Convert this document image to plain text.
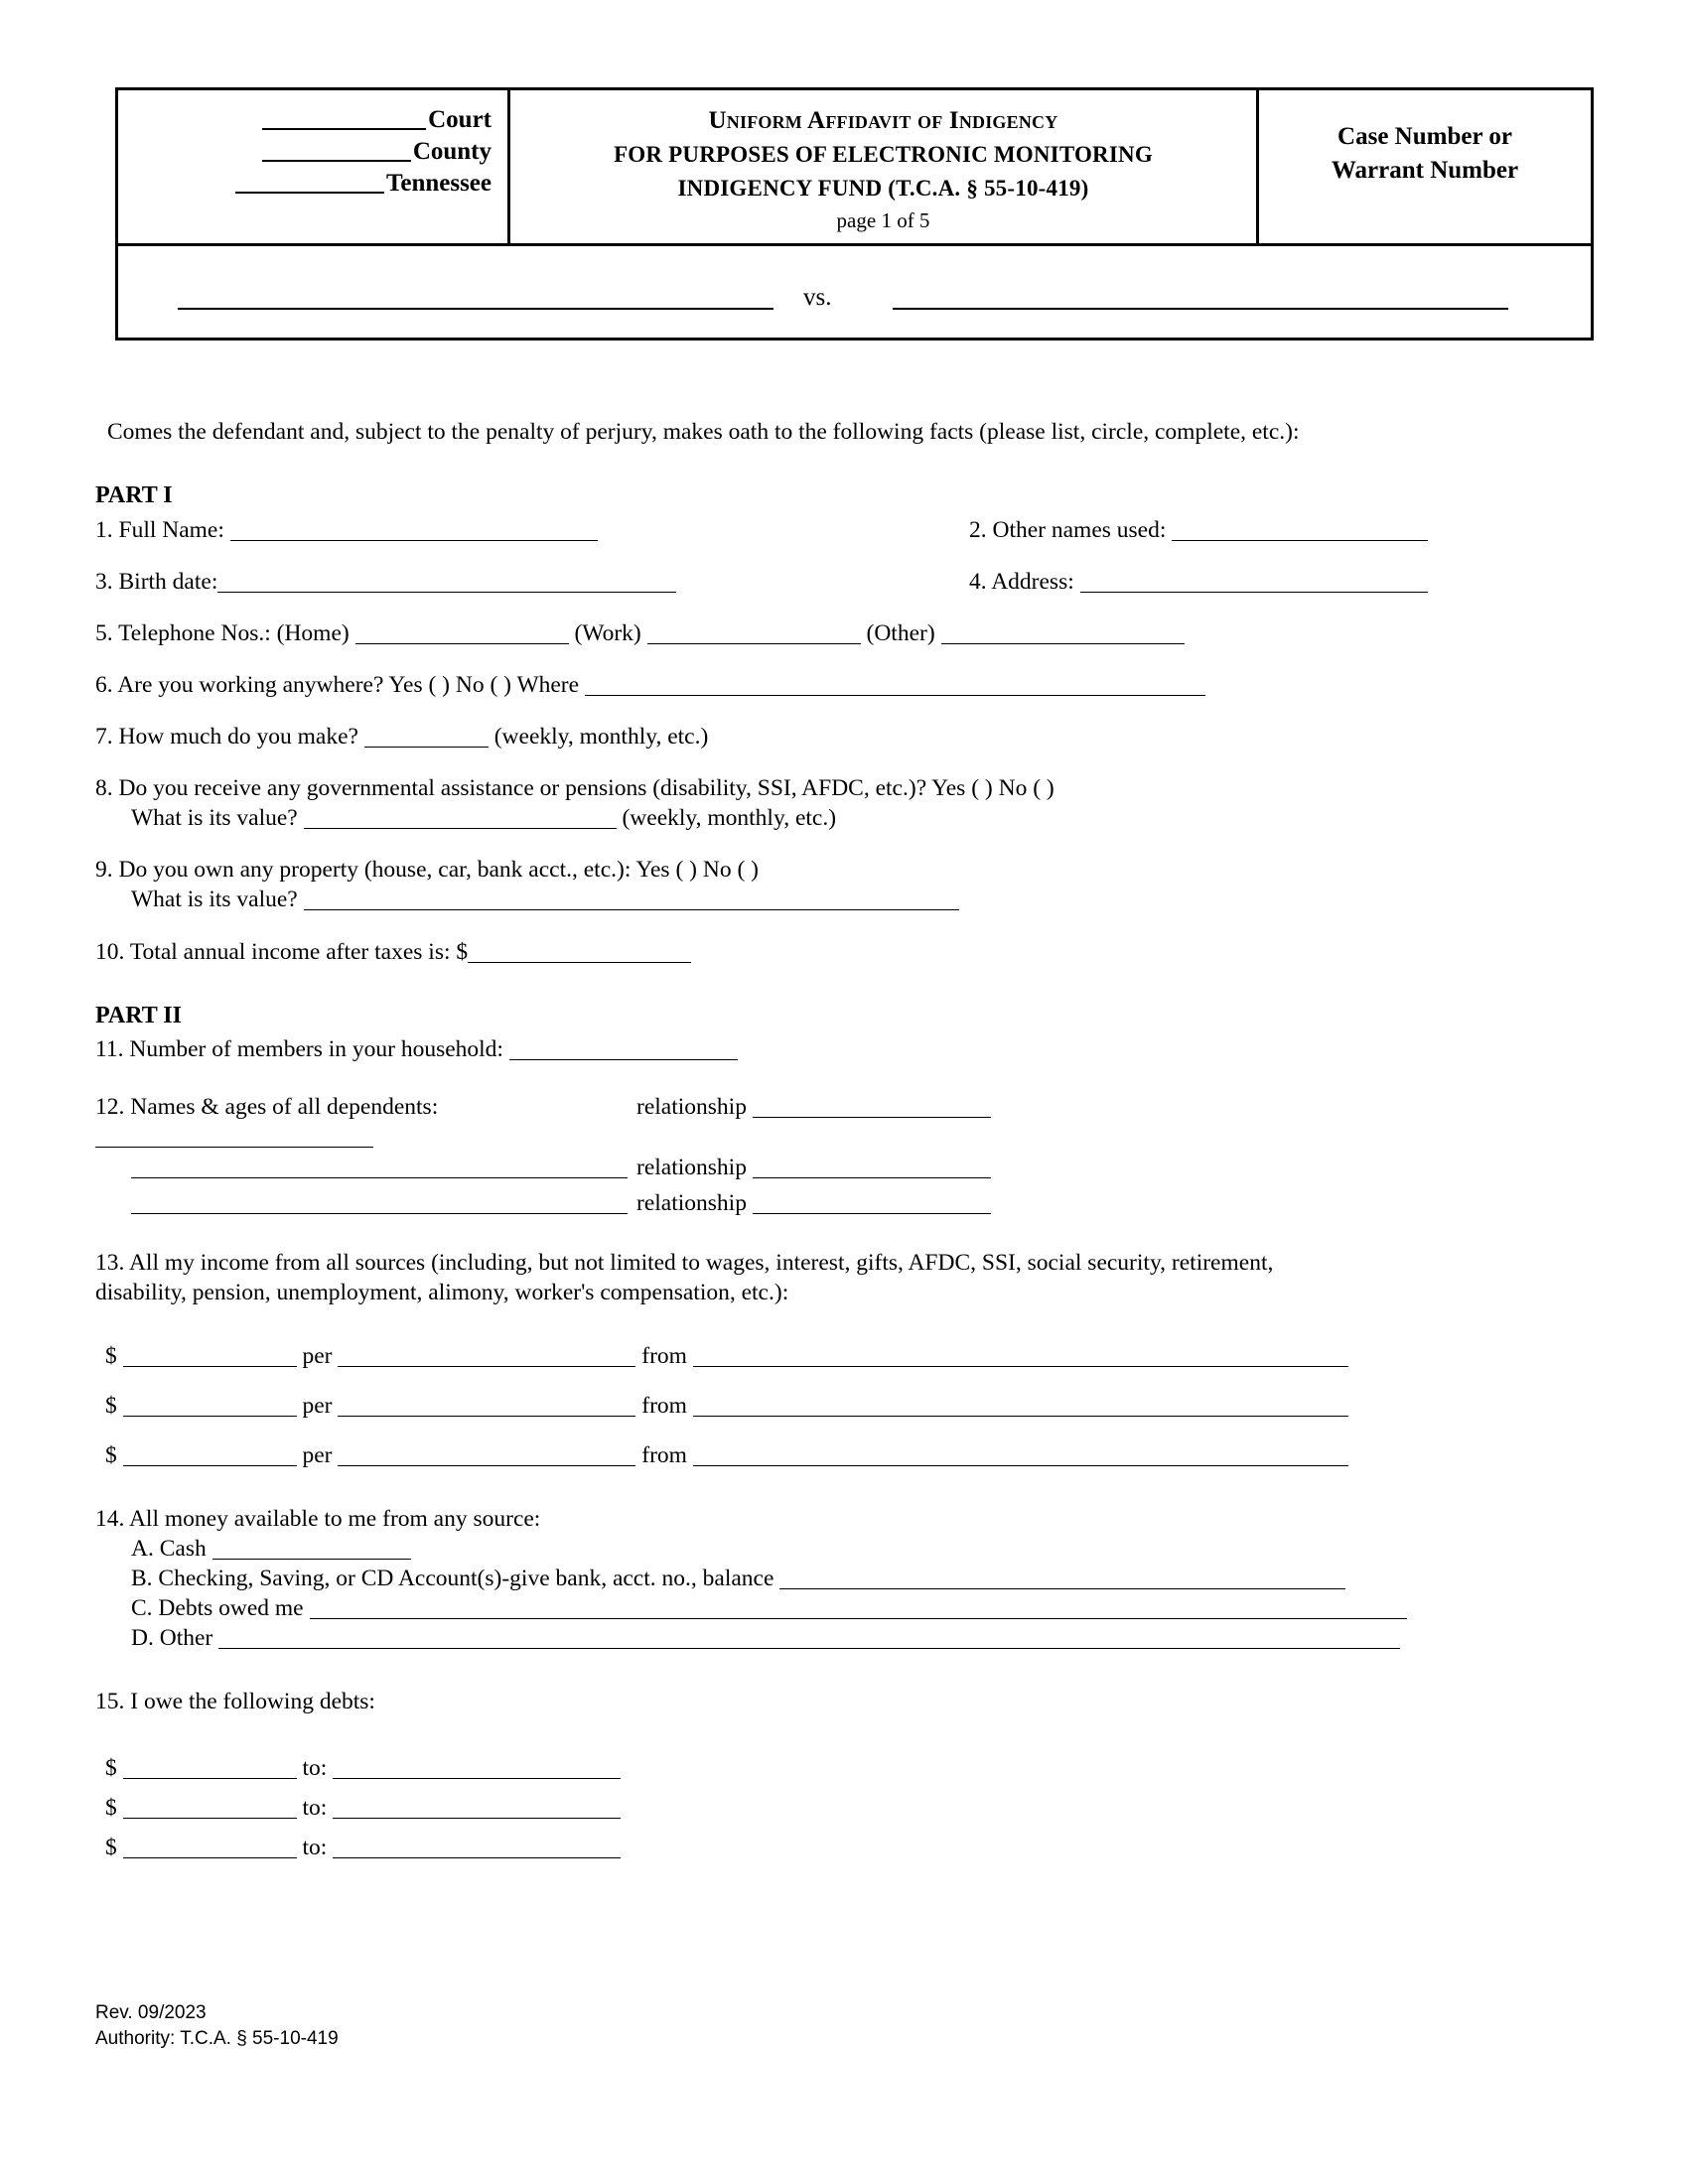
Court
County
Tennessee
Uniform Affidavit of Indigency
FOR PURPOSES OF ELECTRONIC MONITORING
INDIGENCY FUND (T.C.A. § 55-10-419)
page 1 of 5
Case Number or
Warrant Number
vs.

Comes the defendant and, subject to the penalty of perjury, makes oath to the following facts (please list, circle, complete, etc.):

PART I
1. Full Name:	2. Other names used:
3. Birth date:	4. Address:
5. Telephone Nos.: (Home)	(Work)	(Other)
6. Are you working anywhere? Yes ( ) No ( ) Where
7. How much do you make?	(weekly, monthly, etc.)
8. Do you receive any governmental assistance or pensions (disability, SSI, AFDC, etc.)? Yes ( ) No ( )
What is its value?	(weekly, monthly, etc.)
9. Do you own any property (house, car, bank acct., etc.): Yes ( ) No ( )
What is its value?
10. Total annual income after taxes is: $
PART II
11. Number of members in your household:
12. Names & ages of all dependents:	relationship
relationship
relationship
13. All my income from all sources (including, but not limited to wages, interest, gifts, AFDC, SSI, social security, retirement,
disability, pension, unemployment, alimony, worker's compensation, etc.):
$	per	from
$	per	from
$	per	from
14. All money available to me from any source:
A. Cash
B. Checking, Saving, or CD Account(s)-give bank, acct. no., balance
C. Debts owed me
D. Other
15. I owe the following debts:
$	to:
$	to:
$	to:
Rev. 09/2023
Authority: T.C.A. § 55-10-419
